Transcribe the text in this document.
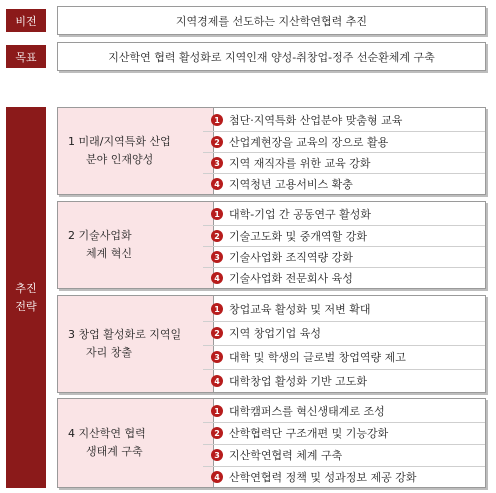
비전	지역경제를 선도하는 지산학연협력 추진
목표	지산학연 협력 활성화로 지역인재 양성-취창업-정주 선순환체계 구축
추진
전략
1 미래/지역특화 산업
분야 인재양성
1 첨단·지역특화 산업분야 맞춤형 교육
2 산업계현장을 교육의 장으로 활용
3 지역 재직자를 위한 교육 강화
4 지역청년 고용서비스 확충
2 기술사업화
체계 혁신
1 대학-기업 간 공동연구 활성화
2 기술고도화 및 중개역할 강화
3 기술사업화 조직역량 강화
4 기술사업화 전문회사 육성
3 창업 활성화로 지역일
자리 창출
1 창업교육 활성화 및 저변 확대
2 지역 창업기업 육성
3 대학 및 학생의 글로벌 창업역량 제고
4 대학창업 활성화 기반 고도화
4 지산학연 협력
생태계 구축
1 대학캠퍼스를 혁신생태계로 조성
2 산학협력단 구조개편 및 기능강화
3 지산학연협력 체계 구축
4 산학연협력 정책 및 성과정보 제공 강화
